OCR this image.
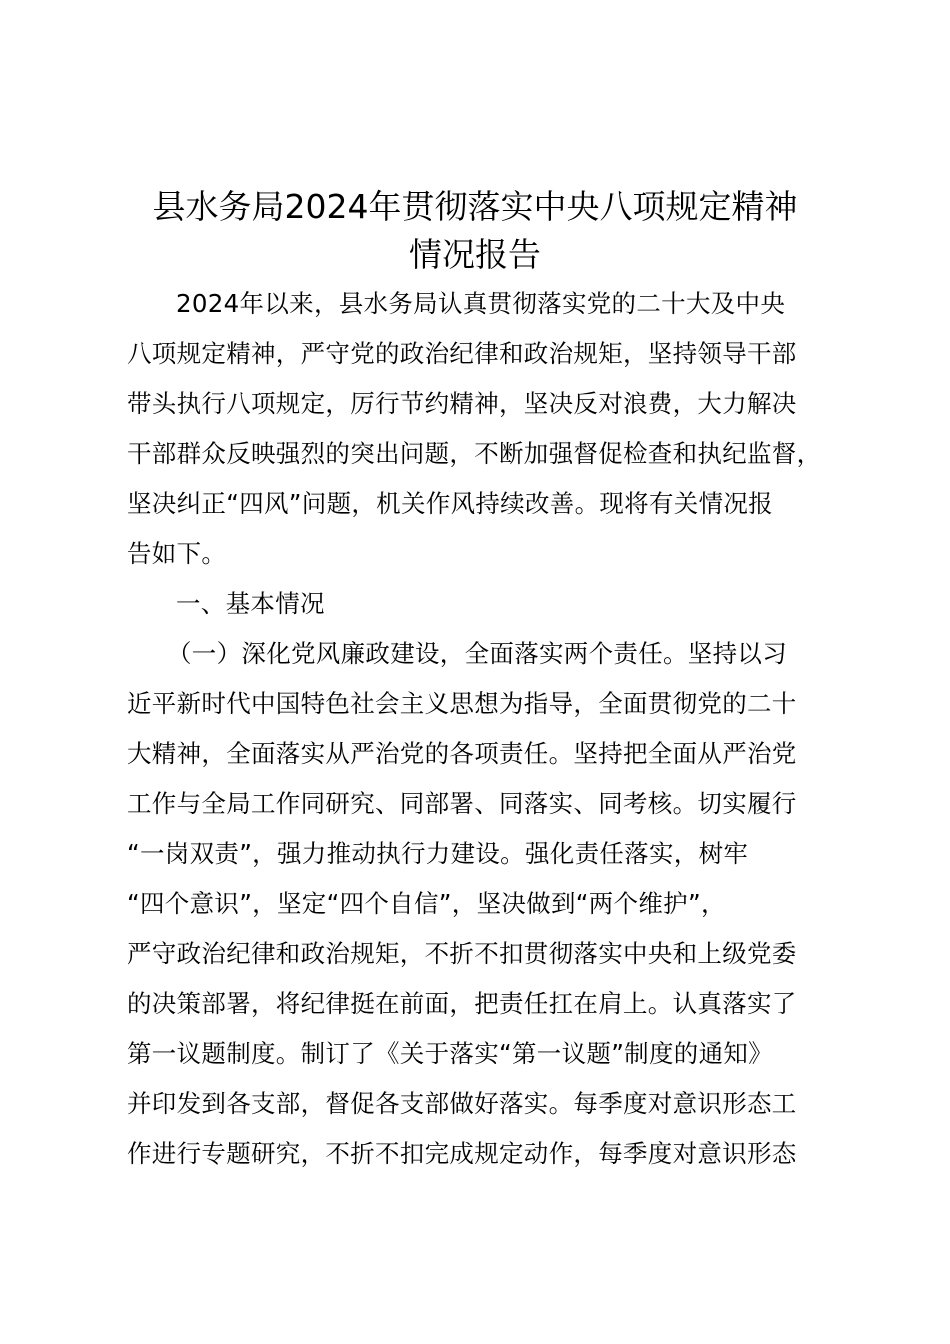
县水务局2024年贯彻落实中央八项规定精神
情况报告
2024年以来，县水务局认真贯彻落实党的二十大及中央
八项规定精神，严守党的政治纪律和政治规矩，坚持领导干部
带头执行八项规定，厉行节约精神，坚决反对浪费，大力解决
干部群众反映强烈的突出问题，不断加强督促检查和执纪监督，
坚决纠正“四风”问题，机关作风持续改善。现将有关情况报
告如下。
一、基本情况
（一）深化党风廉政建设，全面落实两个责任。坚持以习
近平新时代中国特色社会主义思想为指导，全面贯彻党的二十
大精神，全面落实从严治党的各项责任。坚持把全面从严治党
工作与全局工作同研究、同部署、同落实、同考核。切实履行
“一岗双责”，强力推动执行力建设。强化责任落实，树牢
“四个意识”，坚定“四个自信”，坚决做到“两个维护”，
严守政治纪律和政治规矩，不折不扣贯彻落实中央和上级党委
的决策部署，将纪律挺在前面，把责任扛在肩上。认真落实了
第一议题制度。制订了《关于落实“第一议题”制度的通知》
并印发到各支部，督促各支部做好落实。每季度对意识形态工
作进行专题研究，不折不扣完成规定动作，每季度对意识形态
